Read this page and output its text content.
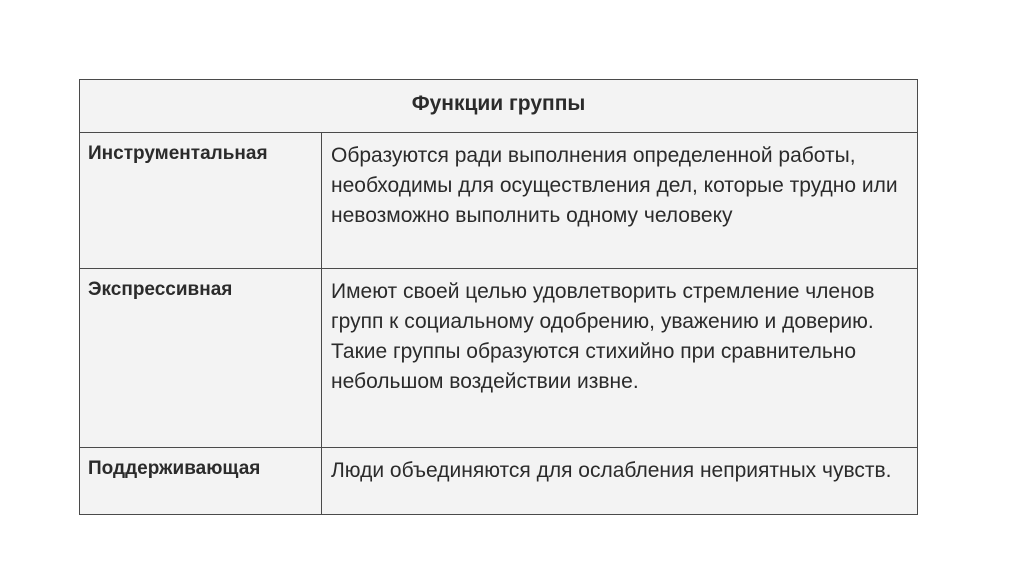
Функции группы	
Инструментальная	Образуются ради выполнения определенной работы, необходимы для осуществления дел, которые трудно или невозможно выполнить одному человеку
Экспрессивная	Имеют своей целью удовлетворить стремление членов групп к социальному одобрению, уважению и доверию. Такие группы образуются стихийно при сравнительно небольшом воздействии извне.
Поддерживающая	Люди объединяются для ослабления неприятных чувств.
